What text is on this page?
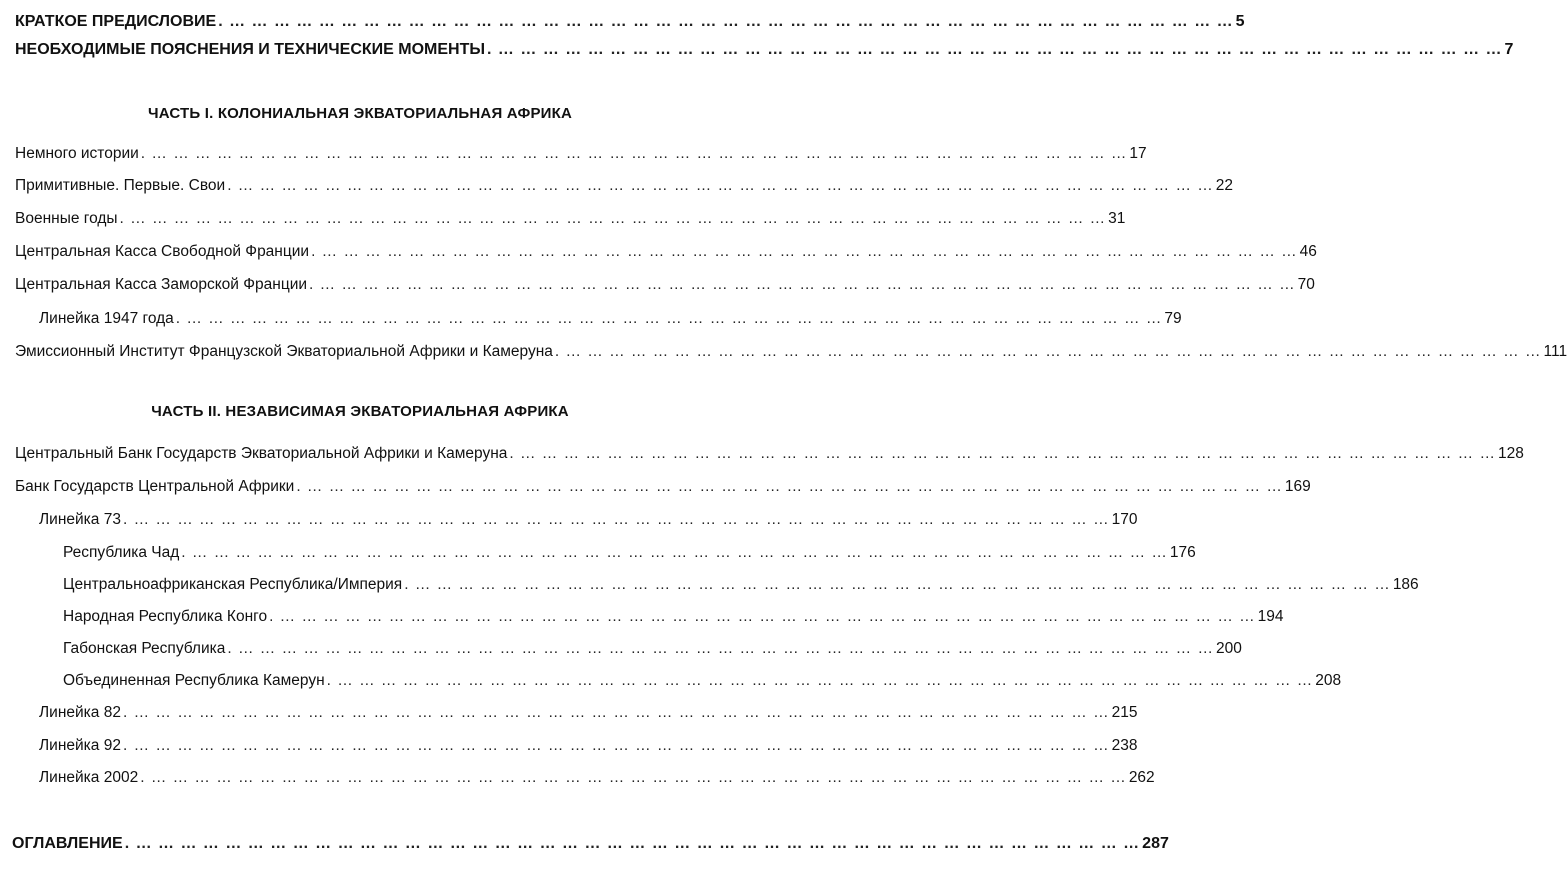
КРАТКОЕ ПРЕДИСЛОВИЕ . … … … … … … … … … … … … … … … … … … … … … … … … … … … … … … … … … … … … … … … … … … … … … 5
НЕОБХОДИМЫЕ ПОЯСНЕНИЯ И ТЕХНИЧЕСКИЕ МОМЕНТЫ . … … … … … … … … … … … … … … … … … … … … … … … … … … … … … … … … … … … … … … … … … … … … … 7
ЧАСТЬ I. КОЛОНИАЛЬНАЯ ЭКВАТОРИАЛЬНАЯ АФРИКА
Немного истории . … … … … … … … … … … … … … … … … … … … … … … … … … … … … … … … … … … … … … … … … … … … … … 17
Примитивные. Первые. Свои . … … … … … … … … … … … … … … … … … … … … … … … … … … … … … … … … … … … … … … … … … … … … … 22
Военные годы . … … … … … … … … … … … … … … … … … … … … … … … … … … … … … … … … … … … … … … … … … … … … … 31
Центральная Касса Свободной Франции . … … … … … … … … … … … … … … … … … … … … … … … … … … … … … … … … … … … … … … … … … … … … … 46
Центральная Касса Заморской Франции . … … … … … … … … … … … … … … … … … … … … … … … … … … … … … … … … … … … … … … … … … … … … … 70
Линейка 1947 года . … … … … … … … … … … … … … … … … … … … … … … … … … … … … … … … … … … … … … … … … … … … … … 79
Эмиссионный Институт Французской Экваториальной Африки и Камеруна . … … … … … … … … … … … … … … … … … … … … … … … … … … … … … … … … … … … … … … … … … … … … … 111
ЧАСТЬ II. НЕЗАВИСИМАЯ ЭКВАТОРИАЛЬНАЯ АФРИКА
Центральный Банк Государств Экваториальной Африки и Камеруна . … … … … … … … … … … … … … … … … … … … … … … … … … … … … … … … … … … … … … … … … … … … … … 128
Банк Государств Центральной Африки . … … … … … … … … … … … … … … … … … … … … … … … … … … … … … … … … … … … … … … … … … … … … … 169
Линейка 73 . … … … … … … … … … … … … … … … … … … … … … … … … … … … … … … … … … … … … … … … … … … … … … 170
Республика Чад . … … … … … … … … … … … … … … … … … … … … … … … … … … … … … … … … … … … … … … … … … … … … … 176
Центральноафриканская Республика/Империя . … … … … … … … … … … … … … … … … … … … … … … … … … … … … … … … … … … … … … … … … … … … … … 186
Народная Республика Конго . … … … … … … … … … … … … … … … … … … … … … … … … … … … … … … … … … … … … … … … … … … … … … 194
Габонская Республика . … … … … … … … … … … … … … … … … … … … … … … … … … … … … … … … … … … … … … … … … … … … … … 200
Объединенная Республика Камерун . … … … … … … … … … … … … … … … … … … … … … … … … … … … … … … … … … … … … … … … … … … … … … 208
Линейка 82 . … … … … … … … … … … … … … … … … … … … … … … … … … … … … … … … … … … … … … … … … … … … … … 215
Линейка 92 . … … … … … … … … … … … … … … … … … … … … … … … … … … … … … … … … … … … … … … … … … … … … … 238
Линейка 2002 . … … … … … … … … … … … … … … … … … … … … … … … … … … … … … … … … … … … … … … … … … … … … … 262
ОГЛАВЛЕНИЕ . … … … … … … … … … … … … … … … … … … … … … … … … … … … … … … … … … … … … … … … … … … … … … 287
